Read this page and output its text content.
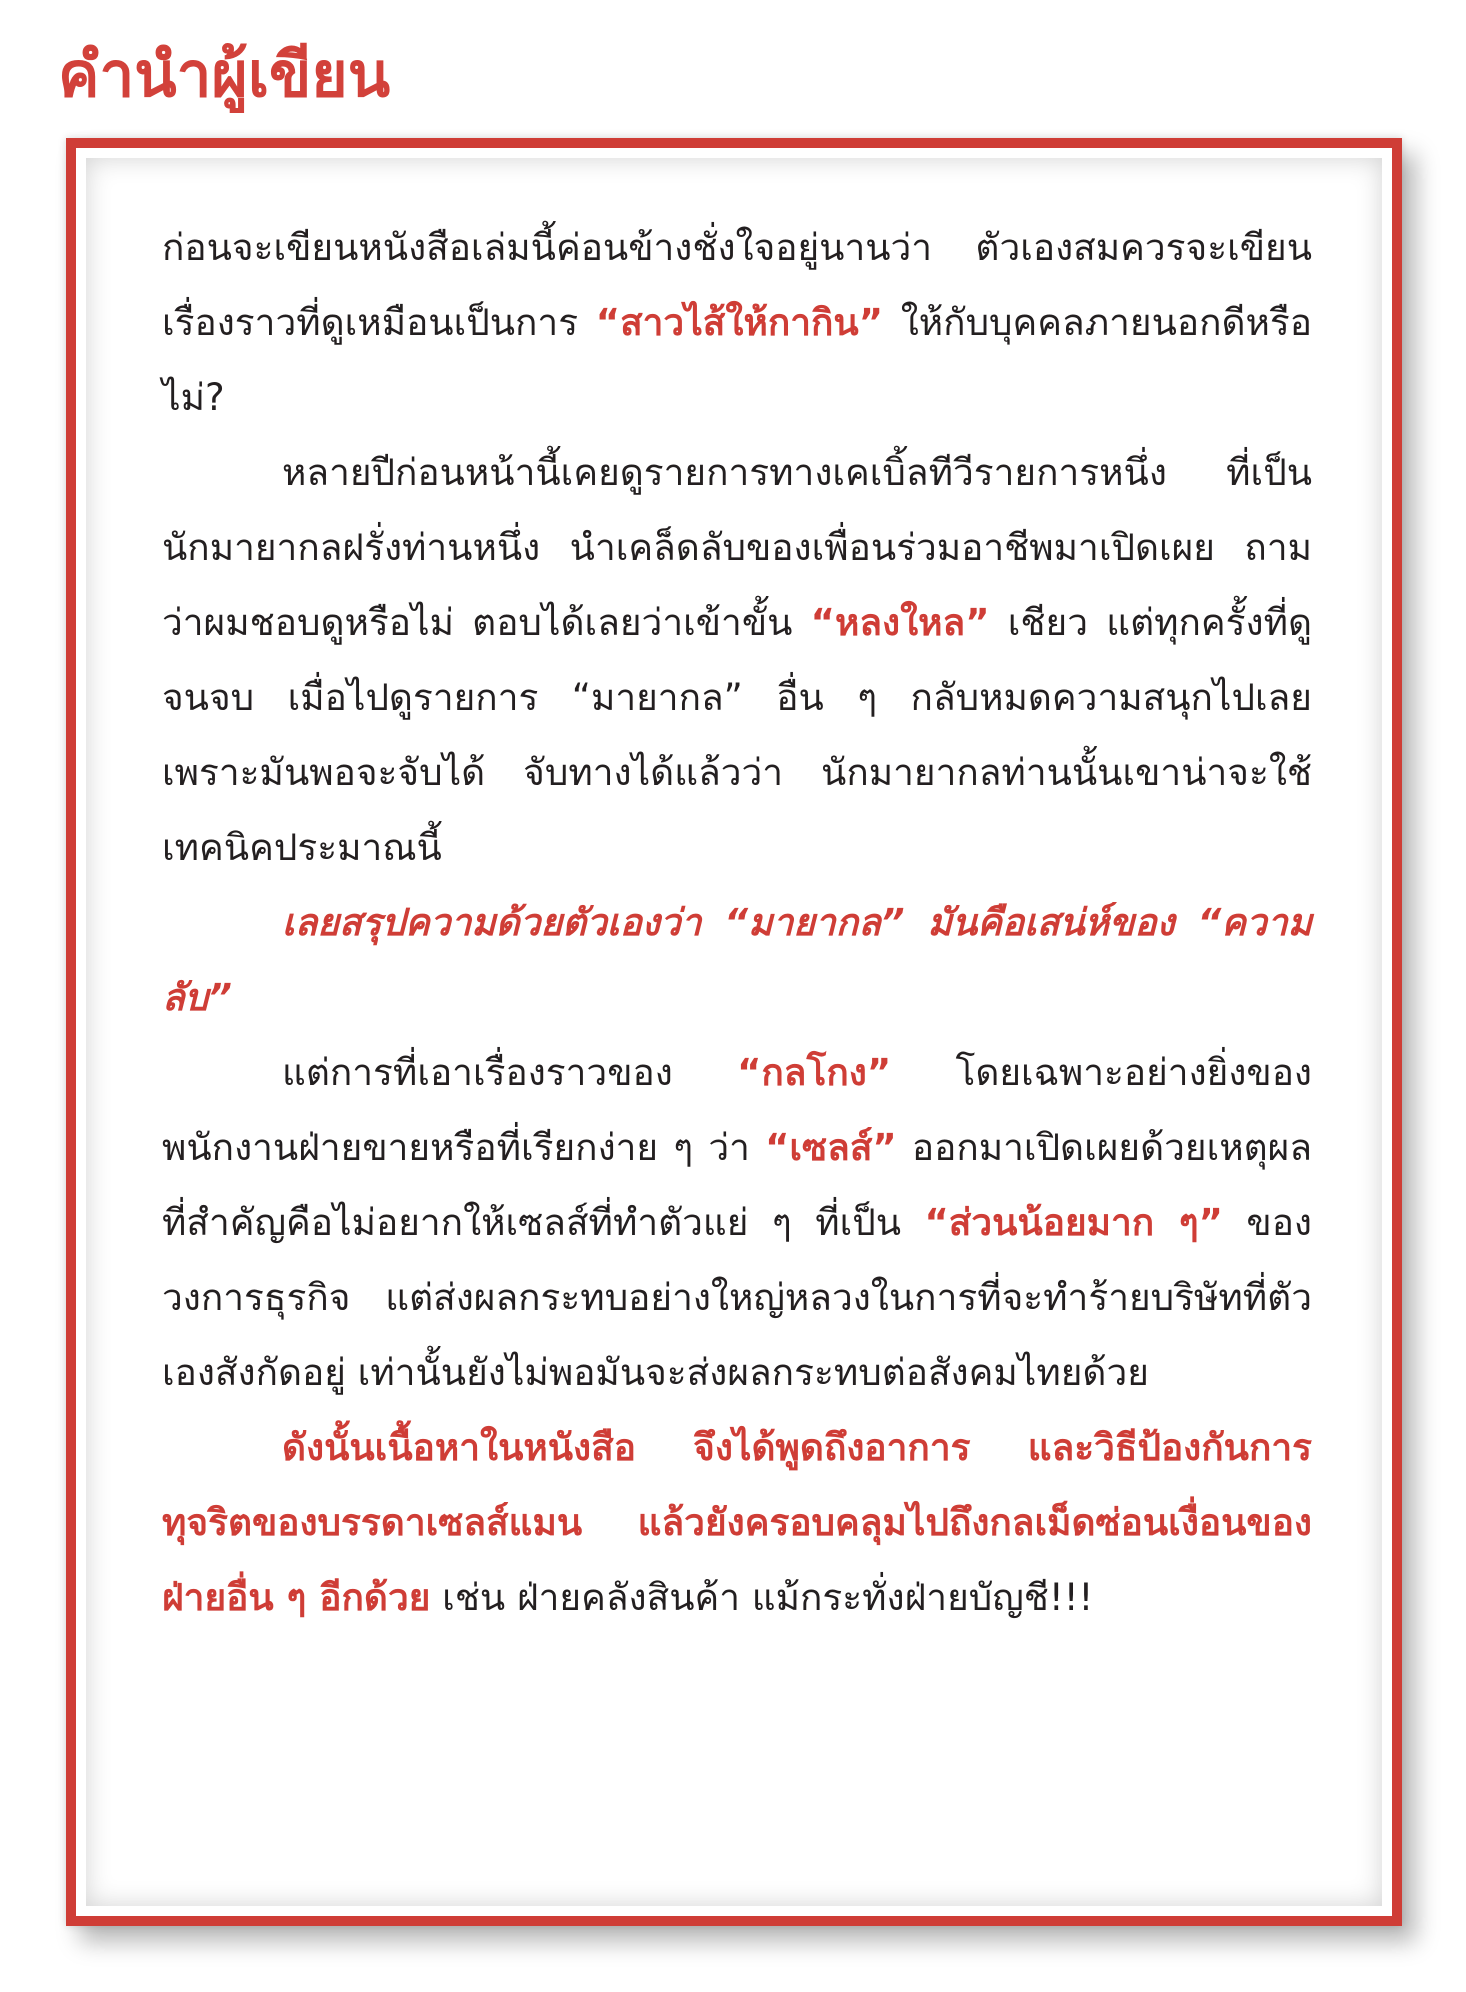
คำนำผู้เขียน

ก่อนจะเขียนหนังสือเล่มนี้ค่อนข้างชั่งใจอยู่นานว่า ตัวเองสมควรจะเขียนเรื่องราวที่ดูเหมือนเป็นการ “สาวไส้ให้กากิน” ให้กับบุคคลภายนอกดีหรือไม่?

หลายปีก่อนหน้านี้เคยดูรายการทางเคเบิ้ลทีวีรายการหนึ่ง ที่เป็นนักมายากลฝรั่งท่านหนึ่ง นำเคล็ดลับของเพื่อนร่วมอาชีพมาเปิดเผย ถามว่าผมชอบดูหรือไม่ ตอบได้เลยว่าเข้าขั้น “หลงใหล” เชียว แต่ทุกครั้งที่ดูจนจบ เมื่อไปดูรายการ “มายากล” อื่น ๆ กลับหมดความสนุกไปเลย เพราะมันพอจะจับได้ จับทางได้แล้วว่า นักมายากลท่านนั้นเขาน่าจะใช้เทคนิคประมาณนี้

เลยสรุปความด้วยตัวเองว่า “มายากล” มันคือเสน่ห์ของ “ความลับ”

แต่การที่เอาเรื่องราวของ “กลโกง” โดยเฉพาะอย่างยิ่งของพนักงานฝ่ายขายหรือที่เรียกง่าย ๆ ว่า “เซลส์” ออกมาเปิดเผยด้วยเหตุผลที่สำคัญคือไม่อยากให้เซลส์ที่ทำตัวแย่ ๆ ที่เป็น “ส่วนน้อยมาก ๆ” ของวงการธุรกิจ แต่ส่งผลกระทบอย่างใหญ่หลวงในการที่จะทำร้ายบริษัทที่ตัวเองสังกัดอยู่ เท่านั้นยังไม่พอมันจะส่งผลกระทบต่อสังคมไทยด้วย

ดังนั้นเนื้อหาในหนังสือ จึงได้พูดถึงอาการ และวิธีป้องกันการทุจริตของบรรดาเซลส์แมน แล้วยังครอบคลุมไปถึงกลเม็ดซ่อนเงื่อนของฝ่ายอื่น ๆ อีกด้วย เช่น ฝ่ายคลังสินค้า แม้กระทั่งฝ่ายบัญชี!!!
